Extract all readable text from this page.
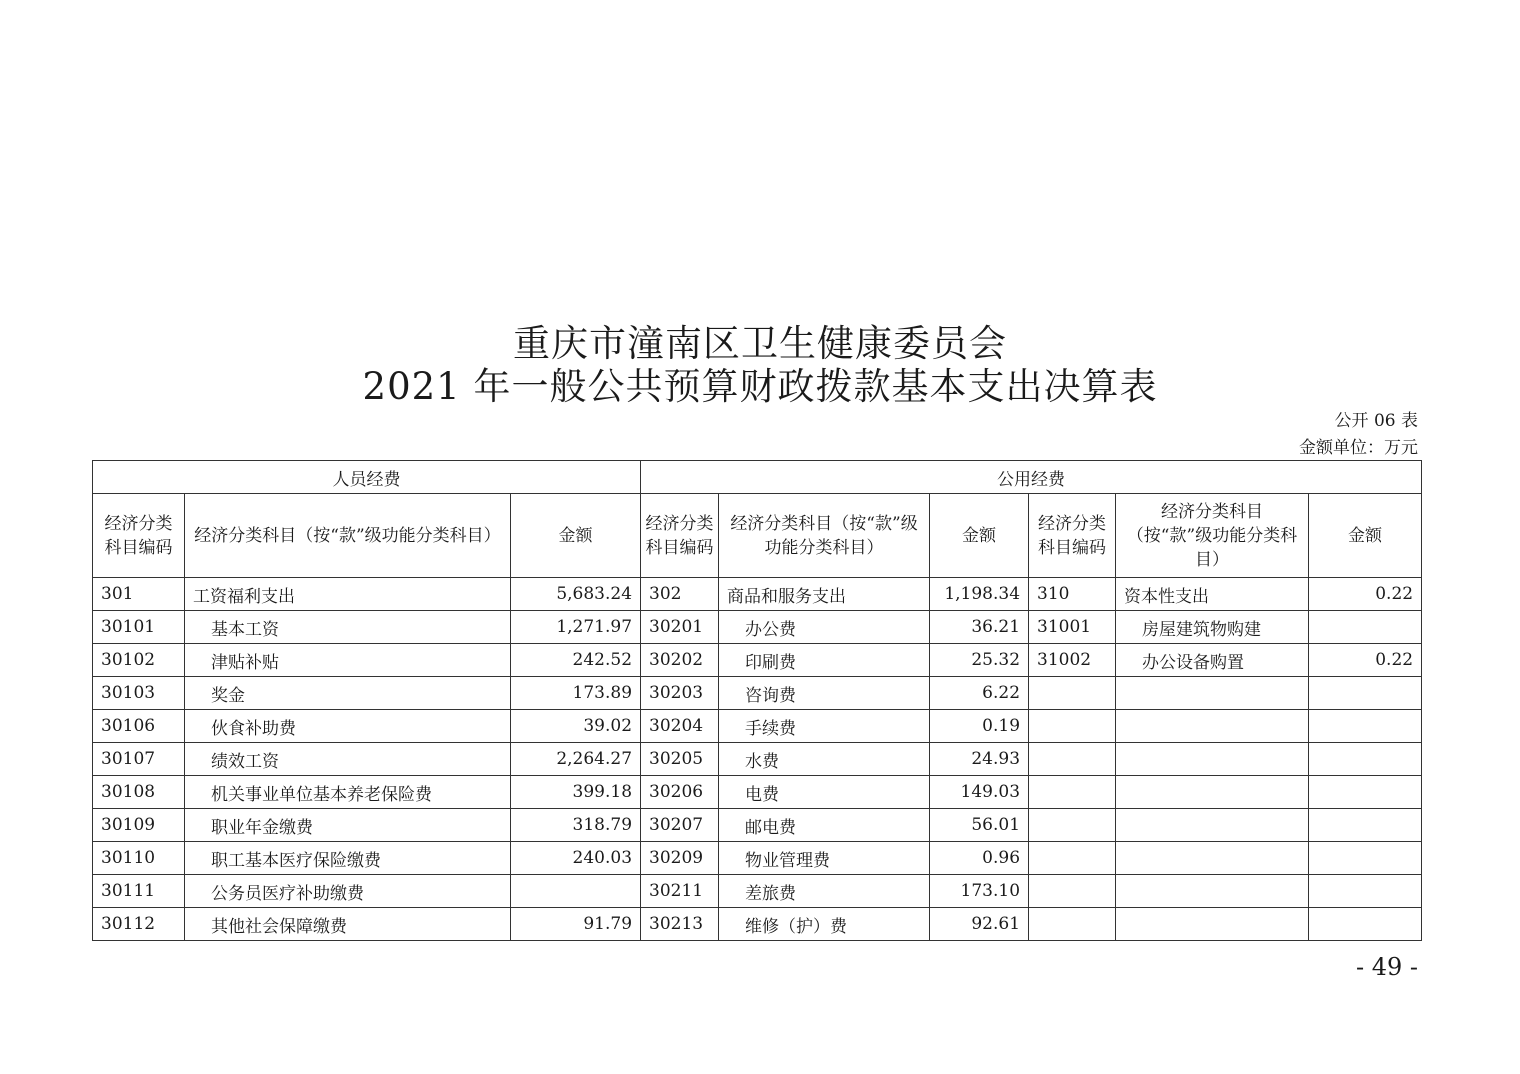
重庆市潼南区卫生健康委员会
2021 年一般公共预算财政拨款基本支出决算表
公开 06 表
金额单位：万元
人员经费			公用经费					
经济分类科目编码	经济分类科目（按“款”级功能分类科目）	金额	经济分类科目编码	经济分类科目（按“款”级功能分类科目）	金额	经济分类科目编码	经济分类科目（按“款”级功能分类科目）	金额
301	工资福利支出	5,683.24	302	商品和服务支出	1,198.34	310	资本性支出	0.22
30101	基本工资	1,271.97	30201	办公费	36.21	31001	房屋建筑物购建	
30102	津贴补贴	242.52	30202	印刷费	25.32	31002	办公设备购置	0.22
30103	奖金	173.89	30203	咨询费	6.22			
30106	伙食补助费	39.02	30204	手续费	0.19			
30107	绩效工资	2,264.27	30205	水费	24.93			
30108	机关事业单位基本养老保险费	399.18	30206	电费	149.03			
30109	职业年金缴费	318.79	30207	邮电费	56.01			
30110	职工基本医疗保险缴费	240.03	30209	物业管理费	0.96			
30111	公务员医疗补助缴费		30211	差旅费	173.10			
30112	其他社会保障缴费	91.79	30213	维修（护）费	92.61			
- 49 -
